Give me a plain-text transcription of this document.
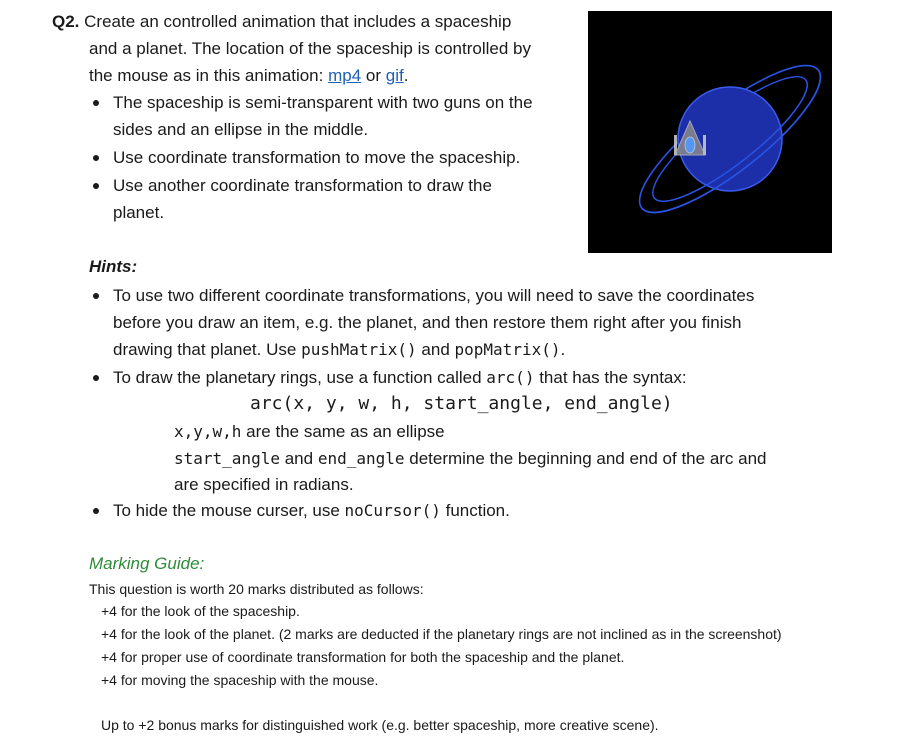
Q2. Create an controlled animation that includes a spaceship
and a planet. The location of the spaceship is controlled by
the mouse as in this animation: mp4 or gif.
The spaceship is semi-transparent with two guns on the
sides and an ellipse in the middle.
Use coordinate transformation to move the spaceship.
Use another coordinate transformation to draw the
planet.
Hints:
To use two different coordinate transformations, you will need to save the coordinates
before you draw an item, e.g. the planet, and then restore them right after you finish
drawing that planet. Use pushMatrix() and popMatrix().
To draw the planetary rings, use a function called arc() that has the syntax:
arc(x, y, w, h, start_angle, end_angle)
x,y,w,h are the same as an ellipse
start_angle and end_angle determine the beginning and end of the arc and
are specified in radians.
To hide the mouse curser, use noCursor() function.
Marking Guide:
This question is worth 20 marks distributed as follows:
+4 for the look of the spaceship.
+4 for the look of the planet. (2 marks are deducted if the planetary rings are not inclined as in the screenshot)
+4 for proper use of coordinate transformation for both the spaceship and the planet.
+4 for moving the spaceship with the mouse.
Up to +2 bonus marks for distinguished work (e.g. better spaceship, more creative scene).
